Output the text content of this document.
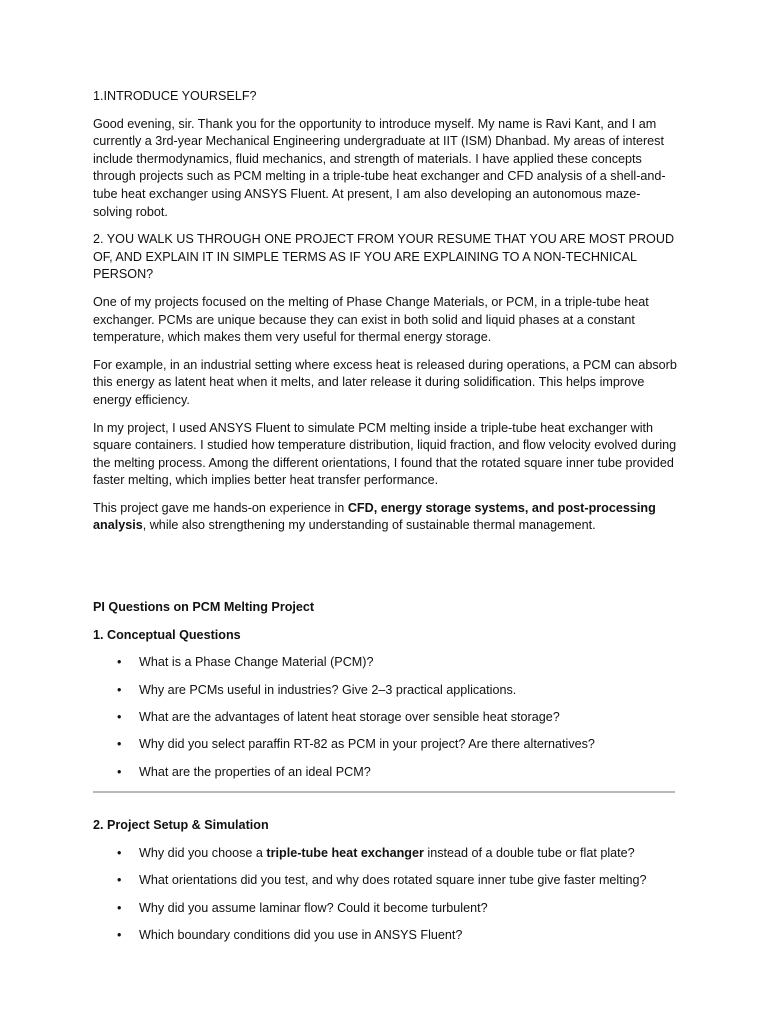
1.INTRODUCE YOURSELF?

Good evening, sir. Thank you for the opportunity to introduce myself. My name is Ravi Kant, and I am currently a 3rd-year Mechanical Engineering undergraduate at IIT (ISM) Dhanbad. My areas of interest include thermodynamics, fluid mechanics, and strength of materials. I have applied these concepts through projects such as PCM melting in a triple-tube heat exchanger and CFD analysis of a shell-and-tube heat exchanger using ANSYS Fluent. At present, I am also developing an autonomous maze-solving robot.

2. YOU WALK US THROUGH ONE PROJECT FROM YOUR RESUME THAT YOU ARE MOST PROUD OF, AND EXPLAIN IT IN SIMPLE TERMS AS IF YOU ARE EXPLAINING TO A NON-TECHNICAL PERSON?

One of my projects focused on the melting of Phase Change Materials, or PCM, in a triple-tube heat exchanger. PCMs are unique because they can exist in both solid and liquid phases at a constant temperature, which makes them very useful for thermal energy storage.

For example, in an industrial setting where excess heat is released during operations, a PCM can absorb this energy as latent heat when it melts, and later release it during solidification. This helps improve energy efficiency.

In my project, I used ANSYS Fluent to simulate PCM melting inside a triple-tube heat exchanger with square containers. I studied how temperature distribution, liquid fraction, and flow velocity evolved during the melting process. Among the different orientations, I found that the rotated square inner tube provided faster melting, which implies better heat transfer performance.

This project gave me hands-on experience in CFD, energy storage systems, and post-processing analysis, while also strengthening my understanding of sustainable thermal management.

PI Questions on PCM Melting Project

1. Conceptual Questions

•	What is a Phase Change Material (PCM)?
•	Why are PCMs useful in industries? Give 2–3 practical applications.
•	What are the advantages of latent heat storage over sensible heat storage?
•	Why did you select paraffin RT-82 as PCM in your project? Are there alternatives?
•	What are the properties of an ideal PCM?

2. Project Setup & Simulation

•	Why did you choose a triple-tube heat exchanger instead of a double tube or flat plate?
•	What orientations did you test, and why does rotated square inner tube give faster melting?
•	Why did you assume laminar flow? Could it become turbulent?
•	Which boundary conditions did you use in ANSYS Fluent?
